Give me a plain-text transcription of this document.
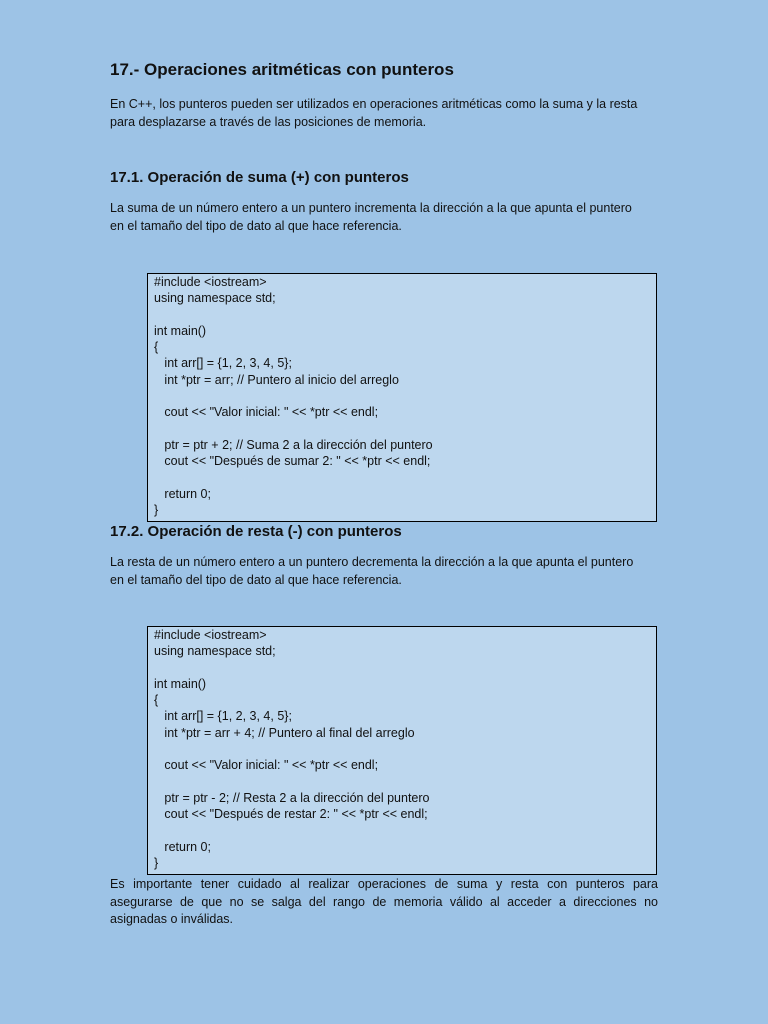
17.- Operaciones aritméticas con punteros

En C++, los punteros pueden ser utilizados en operaciones aritméticas como la suma y la resta

para desplazarse a través de las posiciones de memoria.

17.1. Operación de suma (+) con punteros

La suma de un número entero a un puntero incrementa la dirección a la que apunta el puntero

en el tamaño del tipo de dato al que hace referencia.

#include <iostream>
using namespace std;
int main()
{
int arr[] = {1, 2, 3, 4, 5};
int *ptr = arr; // Puntero al inicio del arreglo
cout << "Valor inicial: " << *ptr << endl;
ptr = ptr + 2; // Suma 2 a la dirección del puntero
cout << "Después de sumar 2: " << *ptr << endl;
return 0;
}
17.2. Operación de resta (-) con punteros

La resta de un número entero a un puntero decrementa la dirección a la que apunta el puntero

en el tamaño del tipo de dato al que hace referencia.

#include <iostream>
using namespace std;
int main()
{
int arr[] = {1, 2, 3, 4, 5};
int *ptr = arr + 4; // Puntero al final del arreglo
cout << "Valor inicial: " << *ptr << endl;
ptr = ptr - 2; // Resta 2 a la dirección del puntero
cout << "Después de restar 2: " << *ptr << endl;
return 0;
}

Es importante tener cuidado al realizar operaciones de suma y resta con punteros para asegurarse de que no se salga del rango de memoria válido al acceder a direcciones no asignadas o inválidas.
